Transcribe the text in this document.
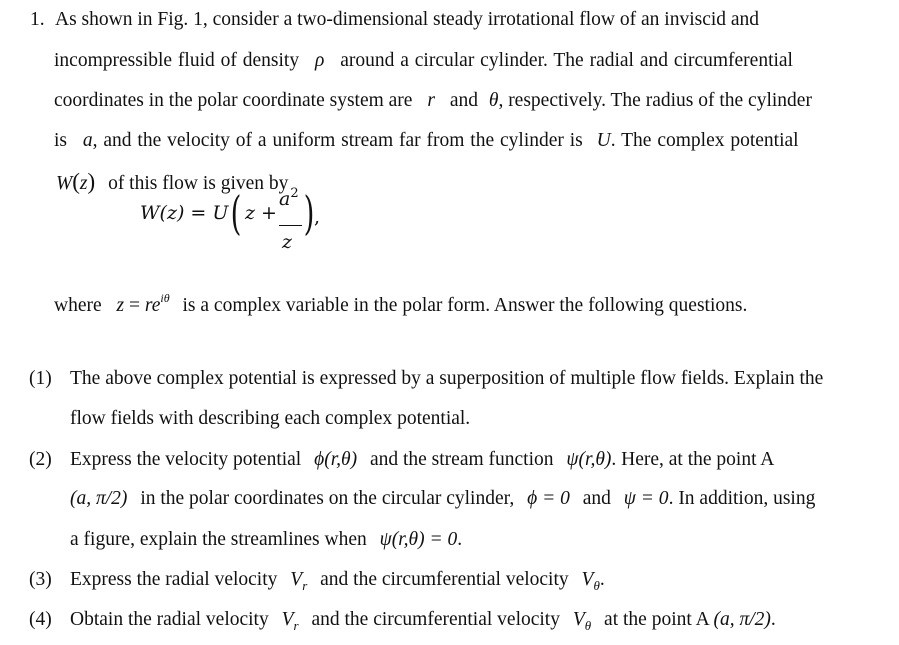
1. As shown in Fig. 1, consider a two-dimensional steady irrotational flow of an inviscid and
incompressible fluid of density ρ around a circular cylinder. The radial and circumferential
coordinates in the polar coordinate system are r and θ, respectively. The radius of the cylinder
is a, and the velocity of a uniform stream far from the cylinder is U. The complex potential
W(z) of this flow is given by
W(z) = U ( z +
$a^2$
z
) ,
where $z = re^{i\theta}$ is a complex variable in the polar form. Answer the following questions.
(1) The above complex potential is expressed by a superposition of multiple flow fields. Explain the
flow fields with describing each complex potential.
(2) Express the velocity potential ϕ(r,θ) and the stream function ψ(r,θ). Here, at the point A
(a, π/2) in the polar coordinates on the circular cylinder, ϕ = 0 and ψ = 0. In addition, using
a figure, explain the streamlines when ψ(r,θ) = 0.
(3) Express the radial velocity $V_r$ and the circumferential velocity $V_\theta$.
(4) Obtain the radial velocity $V_r$ and the circumferential velocity $V_\theta$ at the point A (a, π/2).
